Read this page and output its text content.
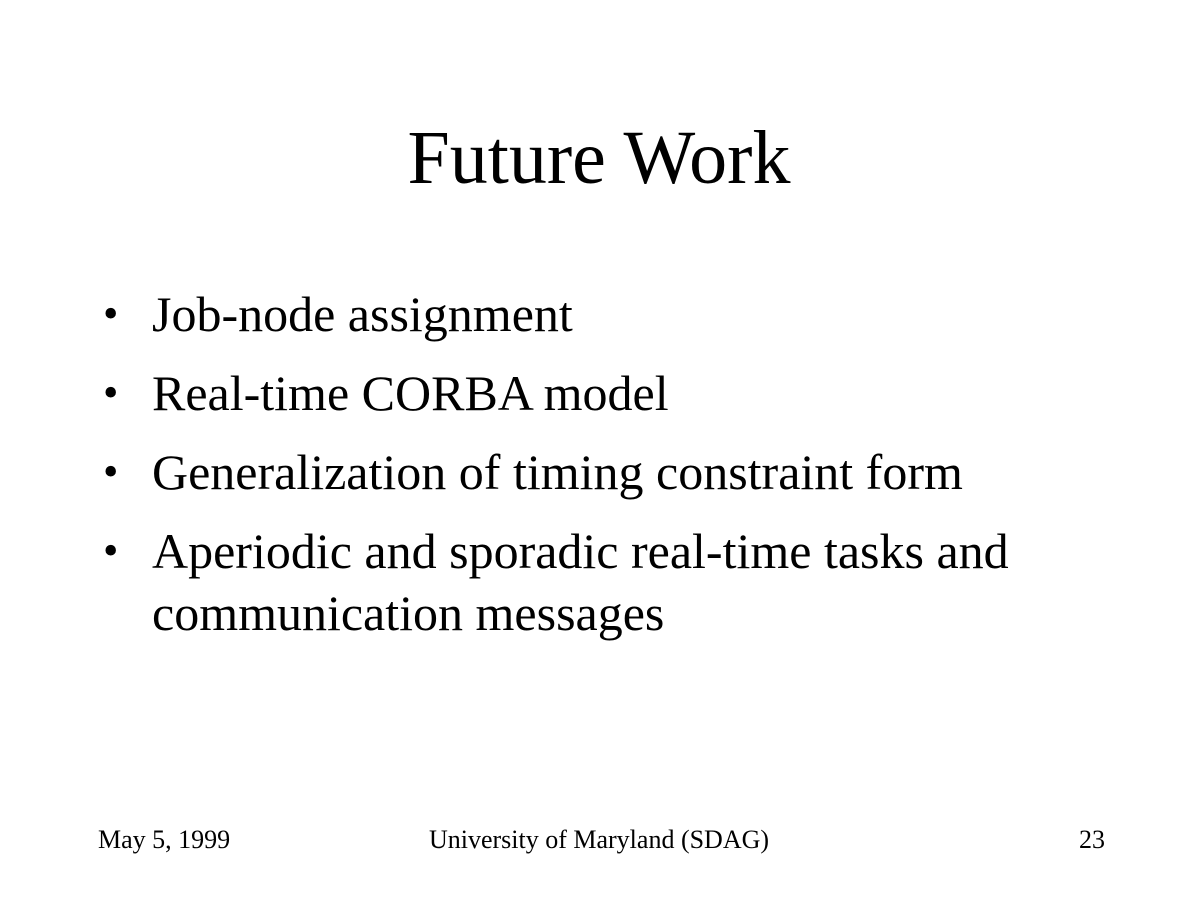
Future Work
• Job-node assignment
• Real-time CORBA model
• Generalization of timing constraint form
• Aperiodic and sporadic real-time tasks and communication messages
May 5, 1999	University of Maryland (SDAG)	23
